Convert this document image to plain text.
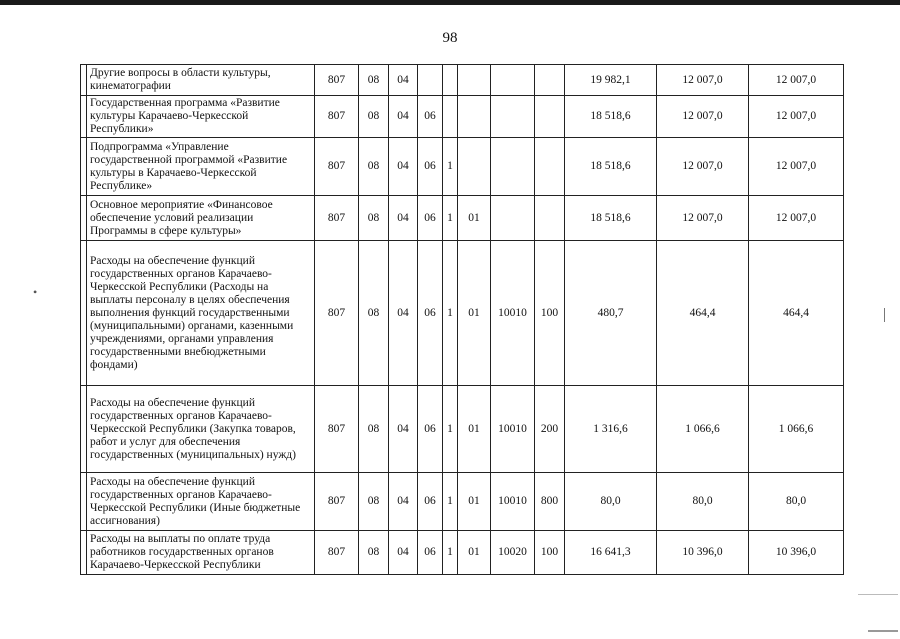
98
•
	Другие вопросы в области культуры, кинематографии	807	08	04						19 982,1	12 007,0	12 007,0
	Государственная программа «Развитие культуры Карачаево-Черкесской Республики»	807	08	04	06					18 518,6	12 007,0	12 007,0
	Подпрограмма «Управление государственной программой «Развитие культуры в Карачаево-Черкесской Республике»	807	08	04	06	1				18 518,6	12 007,0	12 007,0
	Основное мероприятие «Финансовое обеспечение условий реализации Программы в сфере культуры»	807	08	04	06	1	01			18 518,6	12 007,0	12 007,0
	Расходы на обеспечение функций государственных органов Карачаево-Черкесской Республики (Расходы на выплаты персоналу в целях обеспечения выполнения функций государственными (муниципальными) органами, казенными учреждениями, органами управления государственными внебюджетными фондами)	807	08	04	06	1	01	10010	100	480,7	464,4	464,4
	Расходы на обеспечение функций государственных органов Карачаево-Черкесской Республики (Закупка товаров, работ и услуг для обеспечения государственных (муниципальных) нужд)	807	08	04	06	1	01	10010	200	1 316,6	1 066,6	1 066,6
	Расходы на обеспечение функций государственных органов Карачаево-Черкесской Республики (Иные бюджетные ассигнования)	807	08	04	06	1	01	10010	800	80,0	80,0	80,0
	Расходы на выплаты по оплате труда работников государственных органов Карачаево-Черкесской Республики	807	08	04	06	1	01	10020	100	16 641,3	10 396,0	10 396,0
